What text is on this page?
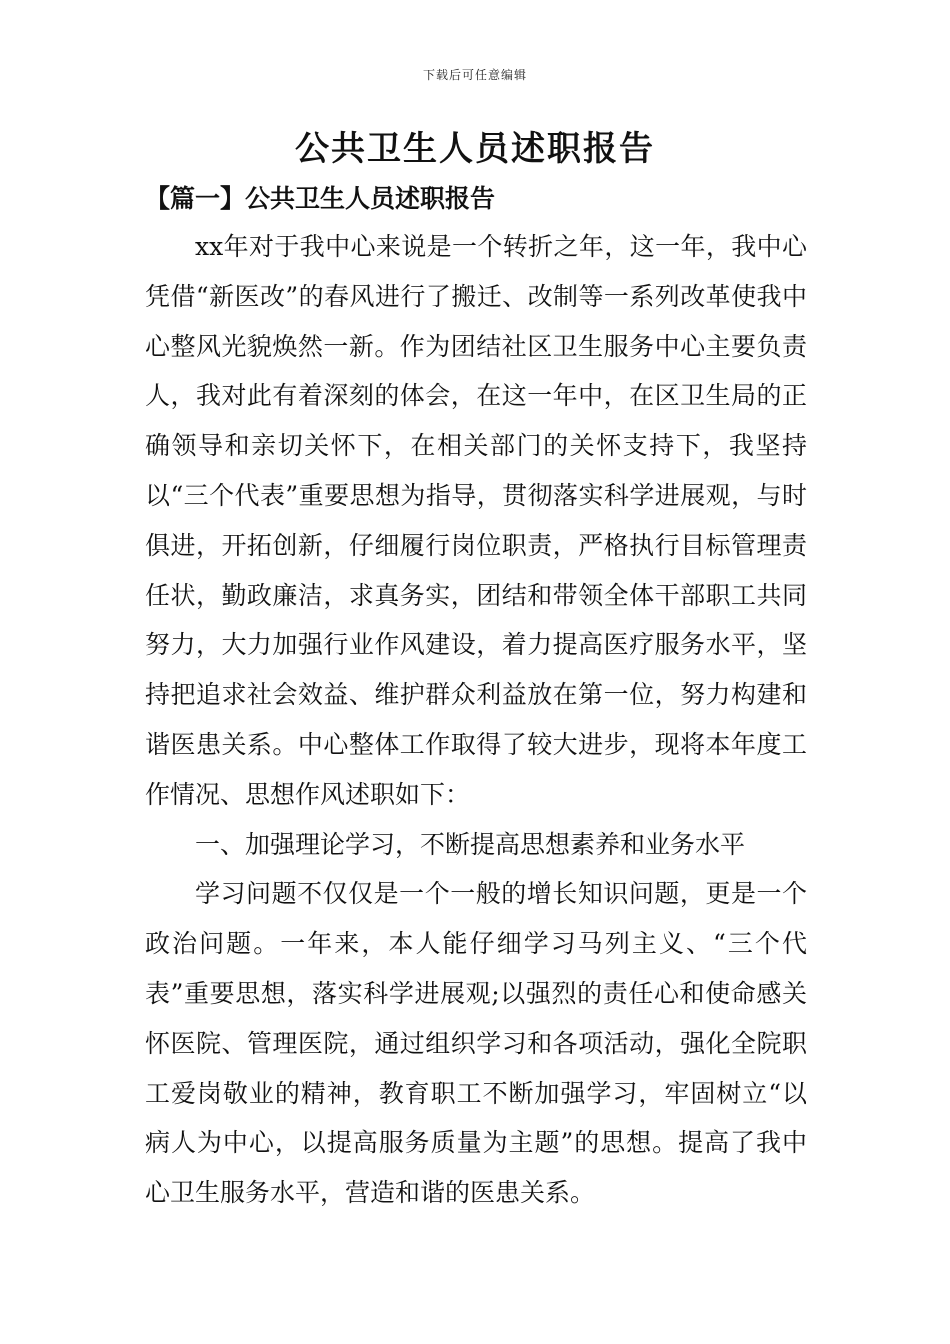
下载后可任意编辑
公共卫生人员述职报告
【篇一】公共卫生人员述职报告

xx年对于我中心来说是一个转折之年，这一年，我中心凭借“新医改”的春风进行了搬迁、改制等一系列改革使我中心整风光貌焕然一新。作为团结社区卫生服务中心主要负责人，我对此有着深刻的体会，在这一年中，在区卫生局的正确领导和亲切关怀下，在相关部门的关怀支持下，我坚持以“三个代表”重要思想为指导，贯彻落实科学进展观，与时俱进，开拓创新，仔细履行岗位职责，严格执行目标管理责任状，勤政廉洁，求真务实，团结和带领全体干部职工共同努力，大力加强行业作风建设，着力提高医疗服务水平，坚持把追求社会效益、维护群众利益放在第一位，努力构建和谐医患关系。中心整体工作取得了较大进步，现将本年度工作情况、思想作风述职如下：

一、加强理论学习，不断提高思想素养和业务水平

学习问题不仅仅是一个一般的增长知识问题，更是一个政治问题。一年来，本人能仔细学习马列主义、“三个代表”重要思想，落实科学进展观;以强烈的责任心和使命感关怀医院、管理医院，通过组织学习和各项活动，强化全院职工爱岗敬业的精神，教育职工不断加强学习，牢固树立“以病人为中心，以提高服务质量为主题”的思想。提高了我中心卫生服务水平，营造和谐的医患关系。
